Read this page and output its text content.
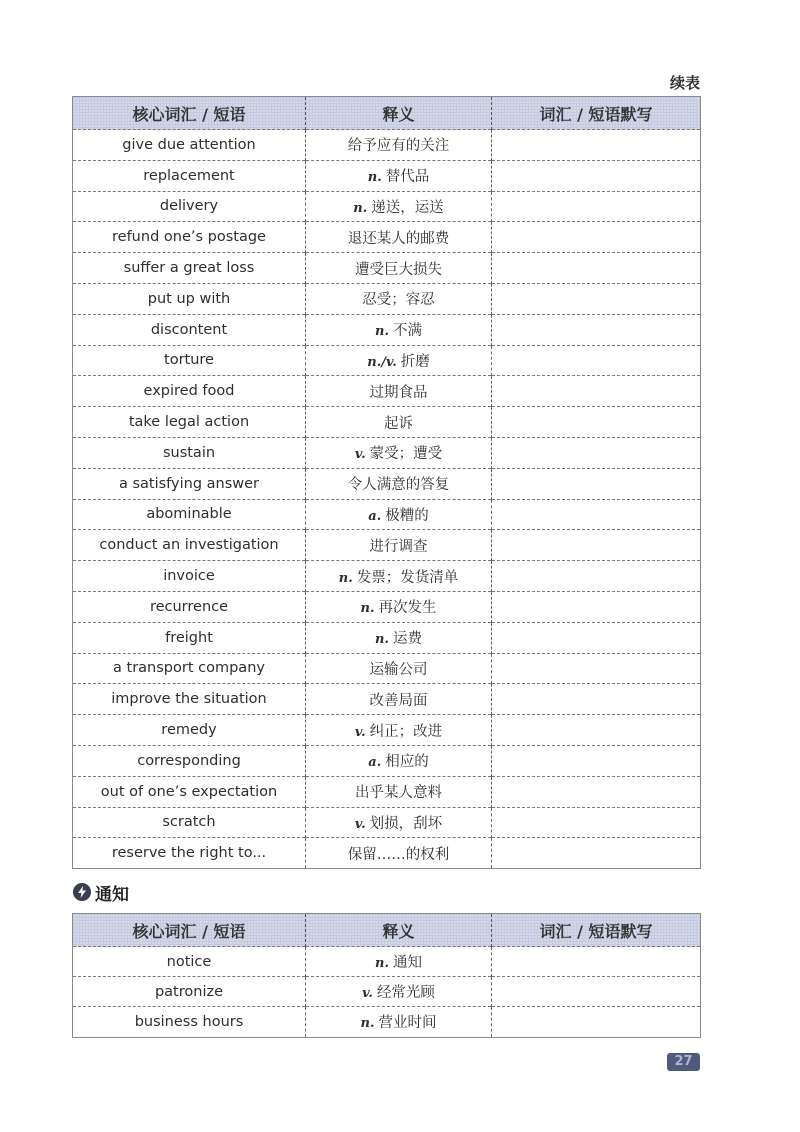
续表
核心词汇 / 短语	释义	词汇 / 短语默写
give due attention	给予应有的关注	
replacement	n. 替代品	
delivery	n. 递送，运送	
refund one’s postage	退还某人的邮费	
suffer a great loss	遭受巨大损失	
put up with	忍受；容忍	
discontent	n. 不满	
torture	n./v. 折磨	
expired food	过期食品	
take legal action	起诉	
sustain	v. 蒙受；遭受	
a satisfying answer	令人满意的答复	
abominable	a. 极糟的	
conduct an investigation	进行调查	
invoice	n. 发票；发货清单	
recurrence	n. 再次发生	
freight	n. 运费	
a transport company	运输公司	
improve the situation	改善局面	
remedy	v. 纠正；改进	
corresponding	a. 相应的	
out of one’s expectation	出乎某人意料	
scratch	v. 划损，刮坏	
reserve the right to...	保留……的权利	
通知
核心词汇 / 短语	释义	词汇 / 短语默写
notice	n. 通知	
patronize	v. 经常光顾	
business hours	n. 营业时间	
27
